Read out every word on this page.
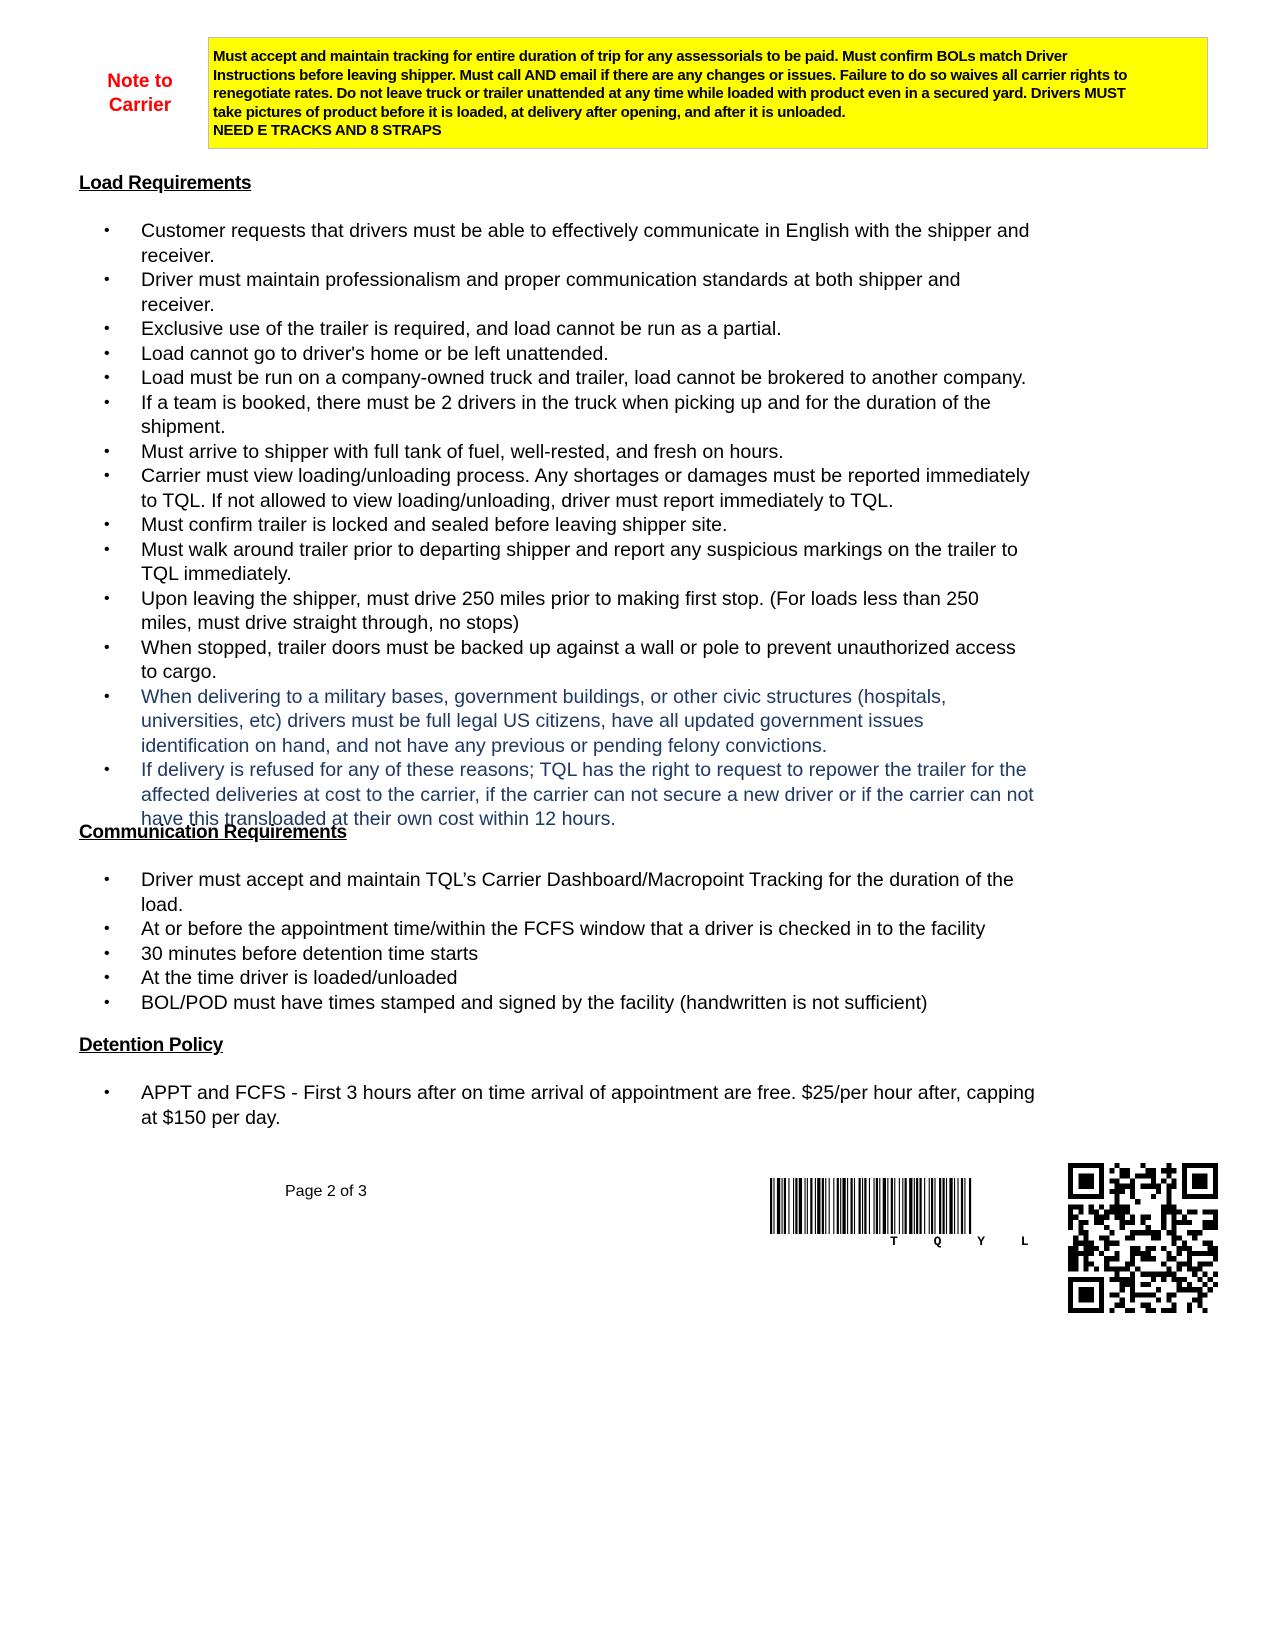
Note to
Carrier
Must accept and maintain tracking for entire duration of trip for any assessorials to be paid. Must confirm BOLs match Driver
Instructions before leaving shipper. Must call AND email if there are any changes or issues. Failure to do so waives all carrier rights to
renegotiate rates. Do not leave truck or trailer unattended at any time while loaded with product even in a secured yard. Drivers MUST
take pictures of product before it is loaded, at delivery after opening, and after it is unloaded.
NEED E TRACKS AND 8 STRAPS
Load Requirements
• Customer requests that drivers must be able to effectively communicate in English with the shipper and
receiver.
• Driver must maintain professionalism and proper communication standards at both shipper and
receiver.
• Exclusive use of the trailer is required, and load cannot be run as a partial.
• Load cannot go to driver's home or be left unattended.
• Load must be run on a company-owned truck and trailer, load cannot be brokered to another company.
• If a team is booked, there must be 2 drivers in the truck when picking up and for the duration of the
shipment.
• Must arrive to shipper with full tank of fuel, well-rested, and fresh on hours.
• Carrier must view loading/unloading process. Any shortages or damages must be reported immediately
to TQL. If not allowed to view loading/unloading, driver must report immediately to TQL.
• Must confirm trailer is locked and sealed before leaving shipper site.
• Must walk around trailer prior to departing shipper and report any suspicious markings on the trailer to
TQL immediately.
• Upon leaving the shipper, must drive 250 miles prior to making first stop. (For loads less than 250
miles, must drive straight through, no stops)
• When stopped, trailer doors must be backed up against a wall or pole to prevent unauthorized access
to cargo.
• When delivering to a military bases, government buildings, or other civic structures (hospitals,
universities, etc) drivers must be full legal US citizens, have all updated government issues
identification on hand, and not have any previous or pending felony convictions.
• If delivery is refused for any of these reasons; TQL has the right to request to repower the trailer for the
affected deliveries at cost to the carrier, if the carrier can not secure a new driver or if the carrier can not
have this transloaded at their own cost within 12 hours.
Communication Requirements
• Driver must accept and maintain TQL’s Carrier Dashboard/Macropoint Tracking for the duration of the
load.
• At or before the appointment time/within the FCFS window that a driver is checked in to the facility
• 30 minutes before detention time starts
• At the time driver is loaded/unloaded
• BOL/POD must have times stamped and signed by the facility (handwritten is not sufficient)
Detention Policy
• APPT and FCFS - First 3 hours after on time arrival of appointment are free. $25/per hour after, capping
at $150 per day.
Page 2 of 3
T Q Y L
